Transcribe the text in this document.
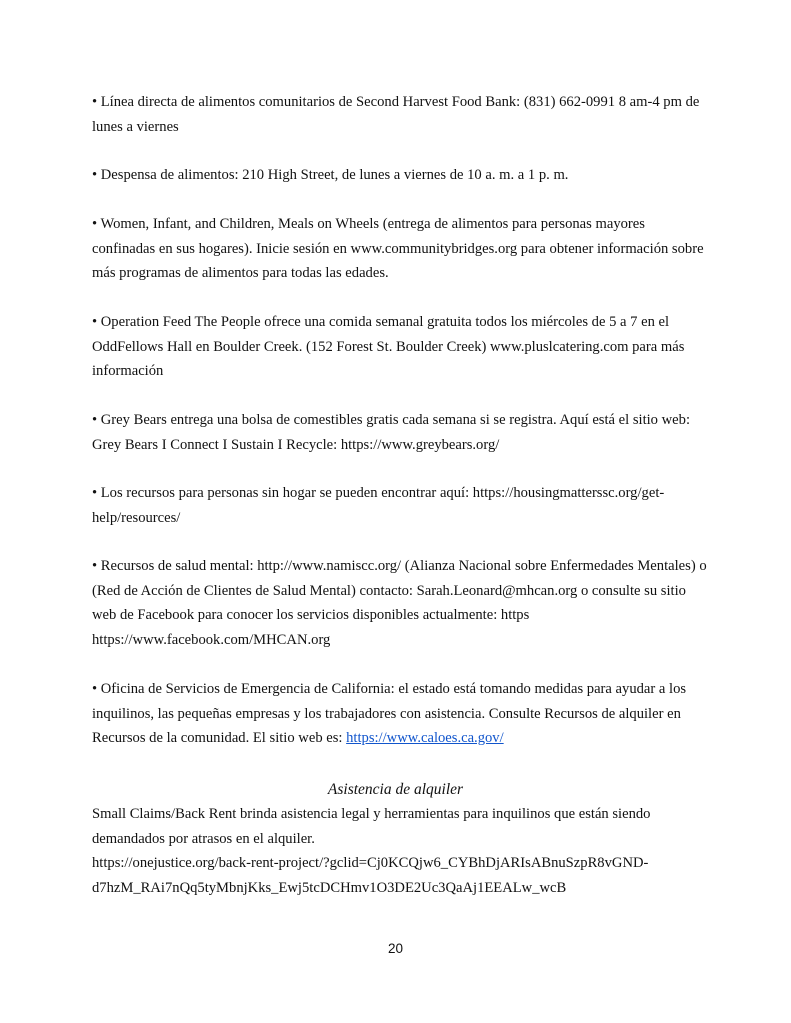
• Línea directa de alimentos comunitarios de Second Harvest Food Bank: (831) 662-0991 8 am-4 pm de
lunes a viernes
• Despensa de alimentos: 210 High Street, de lunes a viernes de 10 a. m. a 1 p. m.
• Women, Infant, and Children, Meals on Wheels (entrega de alimentos para personas mayores
confinadas en sus hogares). Inicie sesión en www.communitybridges.org para obtener información sobre
más programas de alimentos para todas las edades.
• Operation Feed The People ofrece una comida semanal gratuita todos los miércoles de 5 a 7 en el
OddFellows Hall en Boulder Creek. (152 Forest St. Boulder Creek) www.pluslcatering.com para más
información
• Grey Bears entrega una bolsa de comestibles gratis cada semana si se registra. Aquí está el sitio web:
Grey Bears I Connect I Sustain I Recycle: https://www.greybears.org/
• Los recursos para personas sin hogar se pueden encontrar aquí: https://housingmatterssc.org/get-
help/resources/
• Recursos de salud mental: http://www.namiscc.org/ (Alianza Nacional sobre Enfermedades Mentales) o
(Red de Acción de Clientes de Salud Mental) contacto: Sarah.Leonard@mhcan.org o consulte su sitio
web de Facebook para conocer los servicios disponibles actualmente: https
https://www.facebook.com/MHCAN.org
• Oficina de Servicios de Emergencia de California: el estado está tomando medidas para ayudar a los
inquilinos, las pequeñas empresas y los trabajadores con asistencia. Consulte Recursos de alquiler en
Recursos de la comunidad. El sitio web es: https://www.caloes.ca.gov/
Asistencia de alquiler
Small Claims/Back Rent brinda asistencia legal y herramientas para inquilinos que están siendo
demandados por atrasos en el alquiler.
https://onejustice.org/back-rent-project/?gclid=Cj0KCQjw6_CYBhDjARIsABnuSzpR8vGND-
d7hzM_RAi7nQq5tyMbnjKks_Ewj5tcDCHmv1O3DE2Uc3QaAj1EEALw_wcB
20
